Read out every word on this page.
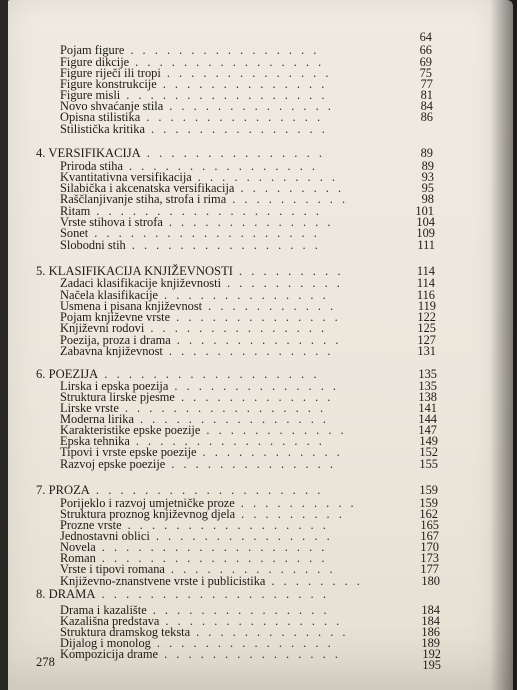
64
278
Pojam figure . . . . . . . . . . . . . . . .	66
Figure dikcije . . . . . . . . . . . . . . . .	69
Figure riječi ili tropi . . . . . . . . . . . . . .	75
Figure konstrukcije . . . . . . . . . . . . . .	77
Figure misli . . . . . . . . . . . . . . . . .	81
Novo shvaćanje stila . . . . . . . . . . . . . .	84
Opisna stilistika . . . . . . . . . . . . . . .	86
Stilistička kritika . . . . . . . . . . . . . . .
4. VERSIFIKACIJA . . . . . . . . . . . . . . .	89
Priroda stiha . . . . . . . . . . . . . . . .	89
Kvantitativna versifikacija . . . . . . . . . . . .	93
Silabička i akcenatska versifikacija . . . . . . . . .	95
Raščlanjivanje stiha, strofa i rima . . . . . . . . . .	98
Ritam . . . . . . . . . . . . . . . . . . .	101
Vrste stihova i strofa . . . . . . . . . . . . . .	104
Sonet . . . . . . . . . . . . . . . . . . .	109
Slobodni stih . . . . . . . . . . . . . . . .	111
5. KLASIFIKACIJA KNJIŽEVNOSTI . . . . . . . . .	114
Zadaci klasifikacije književnosti . . . . . . . . . .	114
Načela klasifikacije . . . . . . . . . . . . . .	116
Usmena i pisana književnost . . . . . . . . . . .	119
Pojam književne vrste . . . . . . . . . . . . . .	122
Književni rodovi . . . . . . . . . . . . . . .	125
Poezija, proza i drama . . . . . . . . . . . . . .	127
Zabavna književnost . . . . . . . . . . . . . .	131
6. POEZIJA . . . . . . . . . . . . . . . . . .	135
Lirska i epska poezija . . . . . . . . . . . . . .	135
Struktura lirske pjesme . . . . . . . . . . . . .	138
Lirske vrste . . . . . . . . . . . . . . . . .	141
Moderna lirika . . . . . . . . . . . . . . . .	144
Karakteristike epske poezije . . . . . . . . . . . .	147
Epska tehnika . . . . . . . . . . . . . . . .	149
Tipovi i vrste epske poezije . . . . . . . . . . . .	152
Razvoj epske poezije . . . . . . . . . . . . . .	155
7. PROZA . . . . . . . . . . . . . . . . . . .	159
Porijeklo i razvoj umjetničke proze . . . . . . . . . .	159
Struktura proznog književnog djela . . . . . . . . .	162
Prozne vrste . . . . . . . . . . . . . . . . .	165
Jednostavni oblici . . . . . . . . . . . . . . .	167
Novela . . . . . . . . . . . . . . . . . . .	170
Roman . . . . . . . . . . . . . . . . . . .	173
Vrste i tipovi romana . . . . . . . . . . . . . .	177
Književno-znanstvene vrste i publicistika . . . . . . . .	180
8. DRAMA . . . . . . . . . . . . . . . . . . .
Drama i kazalište . . . . . . . . . . . . . . .	184
Kazališna predstava . . . . . . . . . . . . . . .	184
Struktura dramskog teksta . . . . . . . . . . . . .	186
Dijalog i monolog . . . . . . . . . . . . . . .	189
Kompozicija drame . . . . . . . . . . . . . . .	192
195
